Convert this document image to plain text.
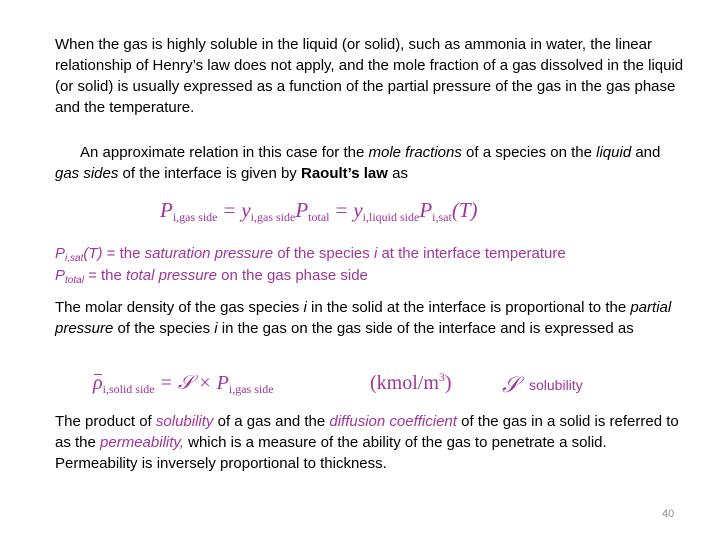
When the gas is highly soluble in the liquid (or solid), such as ammonia in water, the linear relationship of Henry’s law does not apply, and the mole fraction of a gas dissolved in the liquid (or solid) is usually expressed as a function of the partial pressure of the gas in the gas phase and the temperature.

An approximate relation in this case for the mole fractions of a species on the liquid and gas sides of the interface is given by Raoult’s law as

Pi,gas side = yi,gas sidePtotal = yi,liquid sidePi,sat(T)
$P_{i,sat}(T)$ = the saturation pressure of the species i at the interface temperature
$P_{total}$ = the total pressure on the gas phase side

The molar density of the gas species i in the solid at the interface is proportional to the partial pressure of the species i in the gas on the gas side of the interface and is expressed as

$\rho_{i,solid side}$ = 𝒮 × $P_{i,gas side}$	$(kmol/m^3)$ 𝒮 solubility

The product of solubility of a gas and the diffusion coefficient of the gas in a solid is referred to as the permeability, which is a measure of the ability of the gas to penetrate a solid. Permeability is inversely proportional to thickness.

40
